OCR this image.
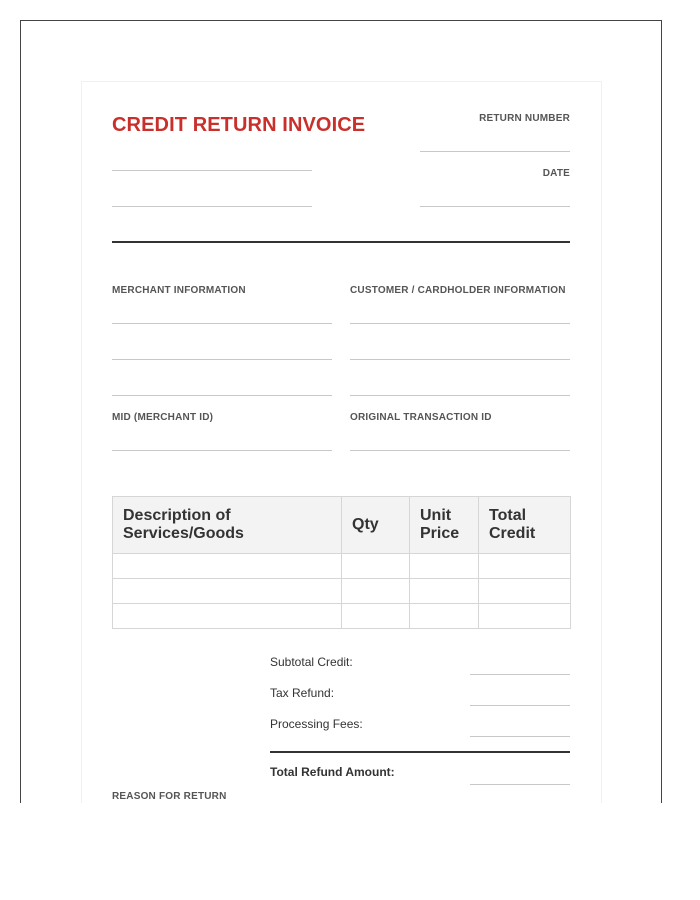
CREDIT RETURN INVOICE	RETURN NUMBER
DATE
MERCHANT INFORMATION	CUSTOMER / CARDHOLDER INFORMATION
MID (MERCHANT ID)	ORIGINAL TRANSACTION ID
Description of Services/Goods	Qty	Unit Price	Total Credit

Subtotal Credit:
Tax Refund:
Processing Fees:
Total Refund Amount:
REASON FOR RETURN
